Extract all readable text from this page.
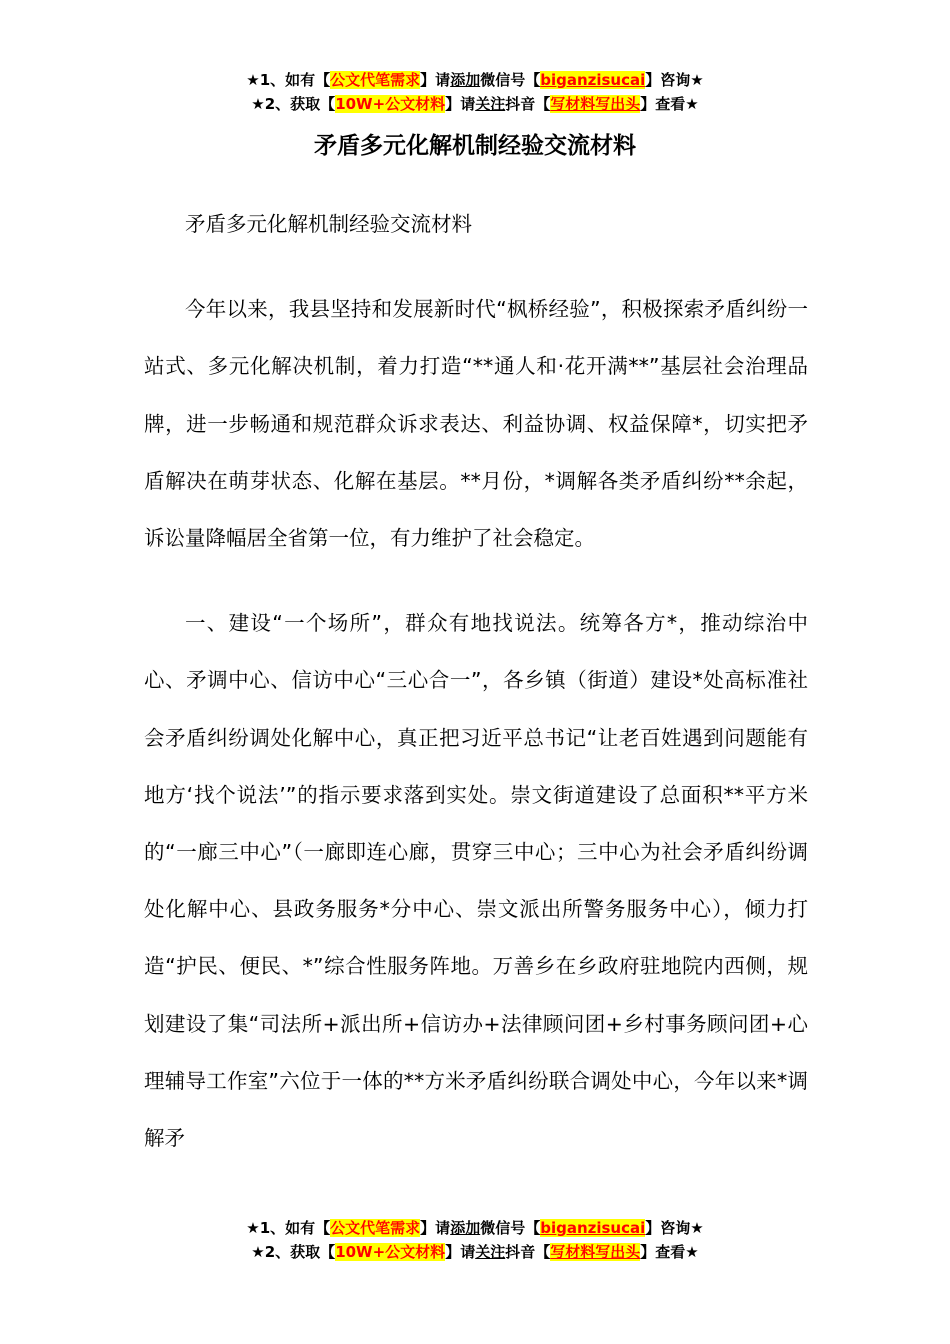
★1、如有【公文代笔需求】请添加微信号【biganzisucai】咨询★
★2、获取【10W+公文材料】请关注抖音【写材料写出头】查看★
矛盾多元化解机制经验交流材料

矛盾多元化解机制经验交流材料

今年以来，我县坚持和发展新时代“枫桥经验”，积极探索矛盾纠纷一站式、多元化解决机制，着力打造“**通人和·花开满**”基层社会治理品牌，进一步畅通和规范群众诉求表达、利益协调、权益保障*，切实把矛盾解决在萌芽状态、化解在基层。**月份，*调解各类矛盾纠纷**余起，诉讼量降幅居全省第一位，有力维护了社会稳定。

一、建设“一个场所”，群众有地找说法。统筹各方*，推动综治中心、矛调中心、信访中心“三心合一”，各乡镇（街道）建设*处高标准社会矛盾纠纷调处化解中心，真正把习近平总书记“让老百姓遇到问题能有地方‘找个说法’”的指示要求落到实处。崇文街道建设了总面积**平方米的“一廊三中心”（一廊即连心廊，贯穿三中心；三中心为社会矛盾纠纷调处化解中心、县政务服务*分中心、崇文派出所警务服务中心），倾力打造“护民、便民、*”综合性服务阵地。万善乡在乡政府驻地院内西侧，规划建设了集“司法所+派出所+信访办+法律顾问团+乡村事务顾问团+心理辅导工作室”六位于一体的**方米矛盾纠纷联合调处中心，今年以来*调解矛

★1、如有【公文代笔需求】请添加微信号【biganzisucai】咨询★
★2、获取【10W+公文材料】请关注抖音【写材料写出头】查看★
